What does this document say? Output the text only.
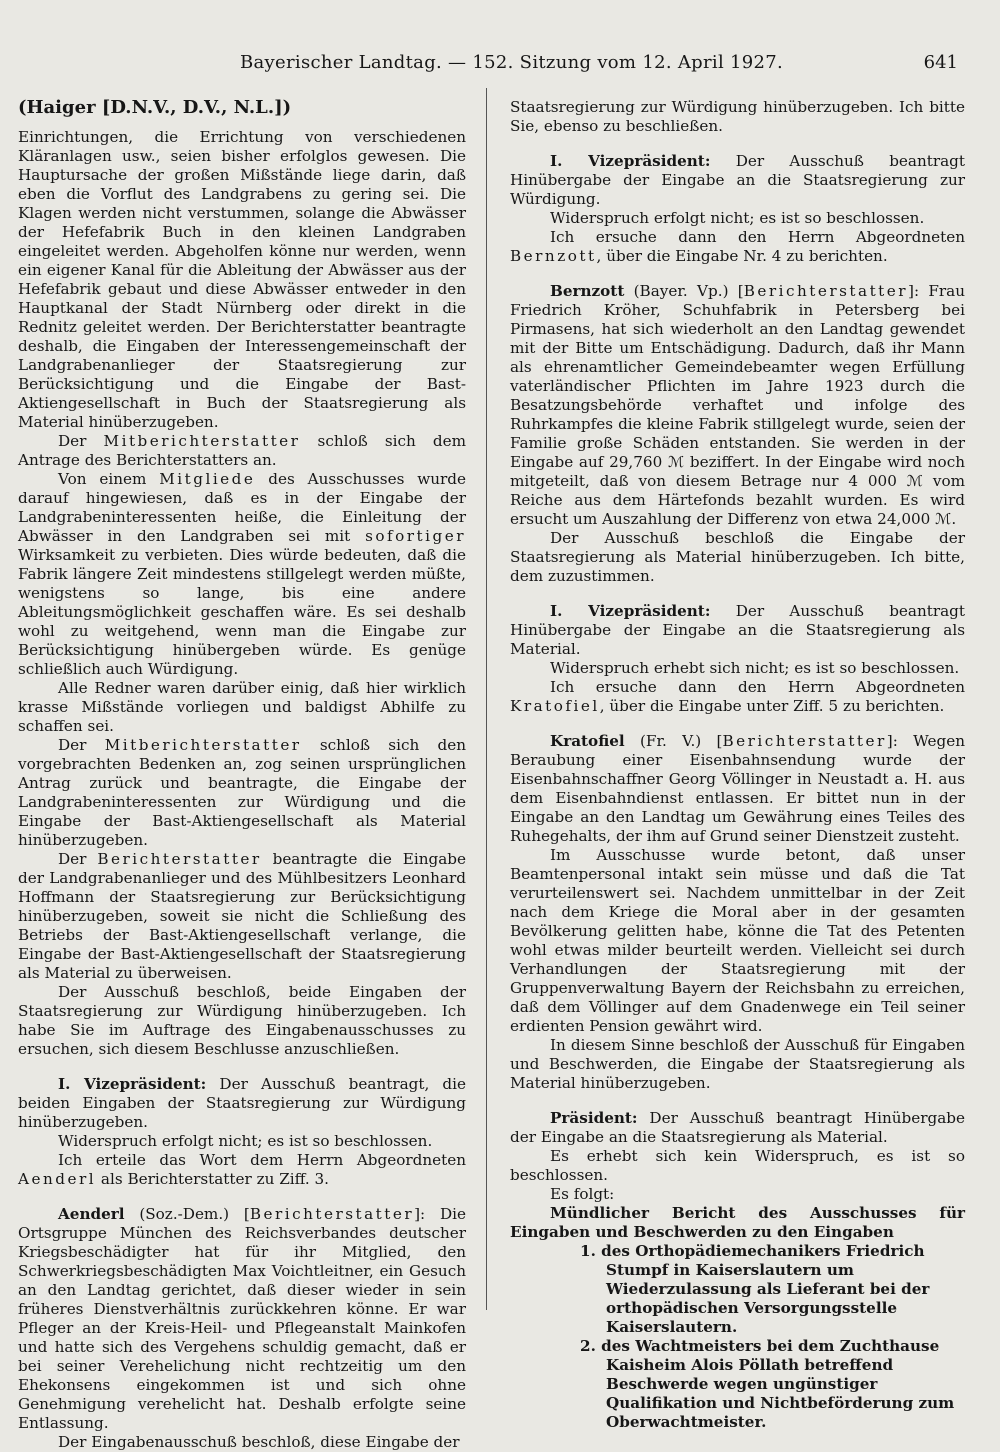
Bayerischer Landtag. — 152. Sitzung vom 12. April 1927.	641

(Haiger [D.N.V., D.V., N.L.])

Einrichtungen, die Errichtung von verschiedenen Kläranlagen usw., seien bisher erfolglos gewesen. Die Hauptursache der großen Mißstände liege darin, daß eben die Vorflut des Landgrabens zu gering sei. Die Klagen werden nicht verstummen, solange die Abwässer der Hefefabrik Buch in den kleinen Landgraben eingeleitet werden. Abgeholfen könne nur werden, wenn ein eigener Kanal für die Ableitung der Abwässer aus der Hefefabrik gebaut und diese Abwässer entweder in den Hauptkanal der Stadt Nürnberg oder direkt in die Rednitz geleitet werden. Der Berichterstatter beantragte deshalb, die Eingaben der Interessengemeinschaft der Landgrabenanlieger der Staatsregierung zur Berücksichtigung und die Eingabe der Bast-Aktiengesellschaft in Buch der Staatsregierung als Material hinüberzugeben.

Der Mitberichterstatter schloß sich dem Antrage des Berichterstatters an.

Von einem Mitgliede des Ausschusses wurde darauf hingewiesen, daß es in der Eingabe der Landgrabeninteressenten heiße, die Einleitung der Abwässer in den Landgraben sei mit sofortiger Wirksamkeit zu verbieten. Dies würde bedeuten, daß die Fabrik längere Zeit mindestens stillgelegt werden müßte, wenigstens so lange, bis eine andere Ableitungsmöglichkeit geschaffen wäre. Es sei deshalb wohl zu weitgehend, wenn man die Eingabe zur Berücksichtigung hinübergeben würde. Es genüge schließlich auch Würdigung.

Alle Redner waren darüber einig, daß hier wirklich krasse Mißstände vorliegen und baldigst Abhilfe zu schaffen sei.

Der Mitberichterstatter schloß sich den vorgebrachten Bedenken an, zog seinen ursprünglichen Antrag zurück und beantragte, die Eingabe der Landgrabeninteressenten zur Würdigung und die Eingabe der Bast-Aktiengesellschaft als Material hinüberzugeben.

Der Berichterstatter beantragte die Eingabe der Landgrabenanlieger und des Mühlbesitzers Leonhard Hoffmann der Staatsregierung zur Berücksichtigung hinüberzugeben, soweit sie nicht die Schließung des Betriebs der Bast-Aktiengesellschaft verlange, die Eingabe der Bast-Aktiengesellschaft der Staatsregierung als Material zu überweisen.

Der Ausschuß beschloß, beide Eingaben der Staatsregierung zur Würdigung hinüberzugeben. Ich habe Sie im Auftrage des Eingabenausschusses zu ersuchen, sich diesem Beschlusse anzuschließen.

I. Vizepräsident: Der Ausschuß beantragt, die beiden Eingaben der Staatsregierung zur Würdigung hinüberzugeben.

Widerspruch erfolgt nicht; es ist so beschlossen.

Ich erteile das Wort dem Herrn Abgeordneten Aenderl als Berichterstatter zu Ziff. 3.

Aenderl (Soz.-Dem.) [Berichterstatter]: Die Ortsgruppe München des Reichsverbandes deutscher Kriegsbeschädigter hat für ihr Mitglied, den Schwerkriegsbeschädigten Max Voichtleitner, ein Gesuch an den Landtag gerichtet, daß dieser wieder in sein früheres Dienstverhältnis zurückkehren könne. Er war Pfleger an der Kreis-Heil- und Pflegeanstalt Mainkofen und hatte sich des Vergehens schuldig gemacht, daß er bei seiner Verehelichung nicht rechtzeitig um den Ehekonsens eingekommen ist und sich ohne Genehmigung verehelicht hat. Deshalb erfolgte seine Entlassung.

Der Eingabenausschuß beschloß, diese Eingabe der

Staatsregierung zur Würdigung hinüberzugeben. Ich bitte Sie, ebenso zu beschließen.

I. Vizepräsident: Der Ausschuß beantragt Hinübergabe der Eingabe an die Staatsregierung zur Würdigung.

Widerspruch erfolgt nicht; es ist so beschlossen.

Ich ersuche dann den Herrn Abgeordneten Bernzott, über die Eingabe Nr. 4 zu berichten.

Bernzott (Bayer. Vp.) [Berichterstatter]: Frau Friedrich Kröher, Schuhfabrik in Petersberg bei Pirmasens, hat sich wiederholt an den Landtag gewendet mit der Bitte um Entschädigung. Dadurch, daß ihr Mann als ehrenamtlicher Gemeindebeamter wegen Erfüllung vaterländischer Pflichten im Jahre 1923 durch die Besatzungsbehörde verhaftet und infolge des Ruhrkampfes die kleine Fabrik stillgelegt wurde, seien der Familie große Schäden entstanden. Sie werden in der Eingabe auf 29,760 ℳ beziffert. In der Eingabe wird noch mitgeteilt, daß von diesem Betrage nur 4 000 ℳ vom Reiche aus dem Härtefonds bezahlt wurden. Es wird ersucht um Auszahlung der Differenz von etwa 24,000 ℳ.

Der Ausschuß beschloß die Eingabe der Staatsregierung als Material hinüberzugeben. Ich bitte, dem zuzustimmen.

I. Vizepräsident: Der Ausschuß beantragt Hinübergabe der Eingabe an die Staatsregierung als Material.

Widerspruch erhebt sich nicht; es ist so beschlossen.

Ich ersuche dann den Herrn Abgeordneten Kratofiel, über die Eingabe unter Ziff. 5 zu berichten.

Kratofiel (Fr. V.) [Berichterstatter]: Wegen Beraubung einer Eisenbahnsendung wurde der Eisenbahnschaffner Georg Völlinger in Neustadt a. H. aus dem Eisenbahndienst entlassen. Er bittet nun in der Eingabe an den Landtag um Gewährung eines Teiles des Ruhegehalts, der ihm auf Grund seiner Dienstzeit zusteht.

Im Ausschusse wurde betont, daß unser Beamtenpersonal intakt sein müsse und daß die Tat verurteilenswert sei. Nachdem unmittelbar in der Zeit nach dem Kriege die Moral aber in der gesamten Bevölkerung gelitten habe, könne die Tat des Petenten wohl etwas milder beurteilt werden. Vielleicht sei durch Verhandlungen der Staatsregierung mit der Gruppenverwaltung Bayern der Reichsbahn zu erreichen, daß dem Völlinger auf dem Gnadenwege ein Teil seiner erdienten Pension gewährt wird.

In diesem Sinne beschloß der Ausschuß für Eingaben und Beschwerden, die Eingabe der Staatsregierung als Material hinüberzugeben.

Präsident: Der Ausschuß beantragt Hinübergabe der Eingabe an die Staatsregierung als Material.

Es erhebt sich kein Widerspruch, es ist so beschlossen.

Es folgt:

Mündlicher Bericht des Ausschusses für Eingaben und Beschwerden zu den Eingaben

1. des Orthopädiemechanikers Friedrich Stumpf in Kaiserslautern um Wiederzulassung als Lieferant bei der orthopädischen Versorgungsstelle Kaiserslautern.

2. des Wachtmeisters bei dem Zuchthause Kaisheim Alois Pöllath betreffend Beschwerde wegen ungünstiger Qualifikation und Nichtbeförderung zum Oberwachtmeister.
